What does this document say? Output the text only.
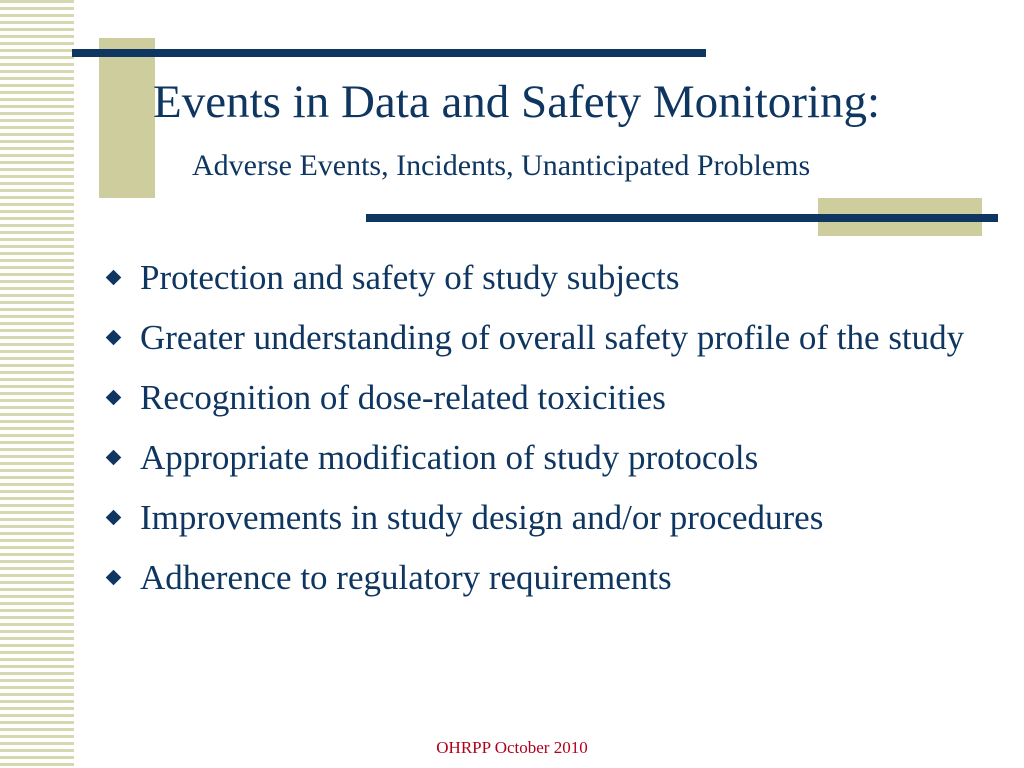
Events in Data and Safety Monitoring:
Adverse Events, Incidents, Unanticipated Problems
Protection and safety of study subjects
Greater understanding of overall safety profile of the study
Recognition of dose-related toxicities
Appropriate modification of study protocols
Improvements in study design and/or procedures
Adherence to regulatory requirements
OHRPP October 2010
